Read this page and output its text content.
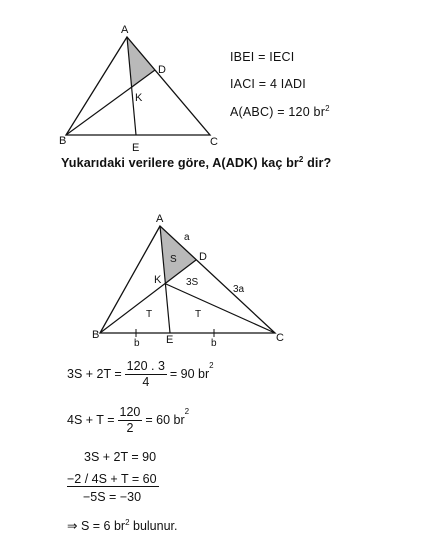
A
B	C
D
E
K
IBEI = IECI
IACI = 4 IADI
A(ABC) = 120 $br^2$
Yukarıdaki verilere göre, A(ADK) kaç $br^2$ dir?
A
B	C
D
E
K
S
3S
T	T
a
3a
b	b
$3S + 2T = \frac{120 . 3}{4} = 90$ br
$^2$
$4S + T = \frac{120}{2} = 60$ br
$^2$
3S + 2T = 90
−2 / 4S + T = 60
−5S = −30
⇒ S = 6 $br^2$ bulunur.
